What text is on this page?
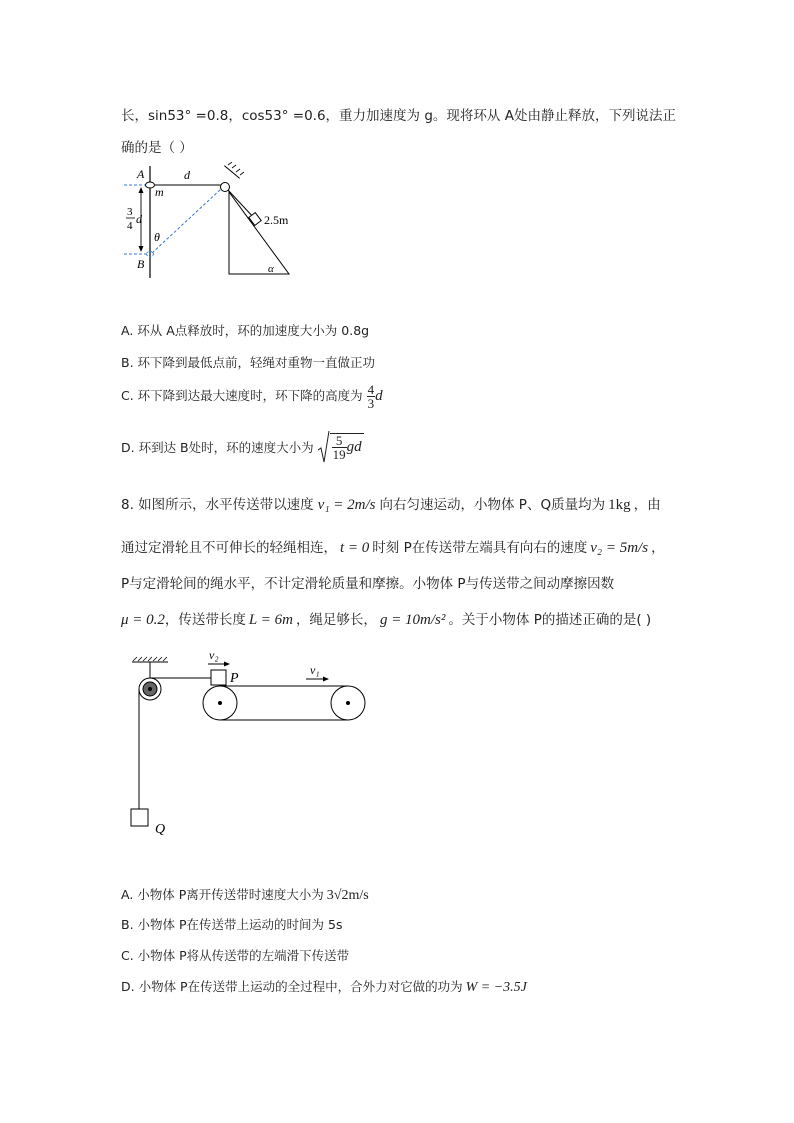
长，sin53° =0.8，cos53° =0.6，重力加速度为 g。现将环从 A处由静止释放，下列说法正
确的是（ ）
A
m
d
3
4 d
θ
B
2.5m
α
A. 环从 A点释放时，环的加速度大小为 0.8g
B. 环下降到最低点前，轻绳对重物一直做正功
C. 环下降到达最大速度时，环下降的高度为 $\frac{4}{3}$ d
D. 环到达 B处时，环的速度大小为 $\frac{5}{19}$ gd
8. 如图所示，水平传送带以速度 v₁ = 2m/s 向右匀速运动，小物体 P、Q质量均为 1kg ，由
通过定滑轮且不可伸长的轻绳相连， t = 0 时刻 P在传送带左端具有向右的速度 v₂ = 5m/s ，
P与定滑轮间的绳水平，不计定滑轮质量和摩擦。小物体 P与传送带之间动摩擦因数
μ = 0.2，传送带长度 L = 6m ，绳足够长， g = 10m/s² 。关于小物体 P的描述正确的是( )
v₂
P
v₁
Q
A. 小物体 P离开传送带时速度大小为 3√2m/s
B. 小物体 P在传送带上运动的时间为 5s
C. 小物体 P将从传送带的左端滑下传送带
D. 小物体 P在传送带上运动的全过程中，合外力对它做的功为 W = −3.5J
